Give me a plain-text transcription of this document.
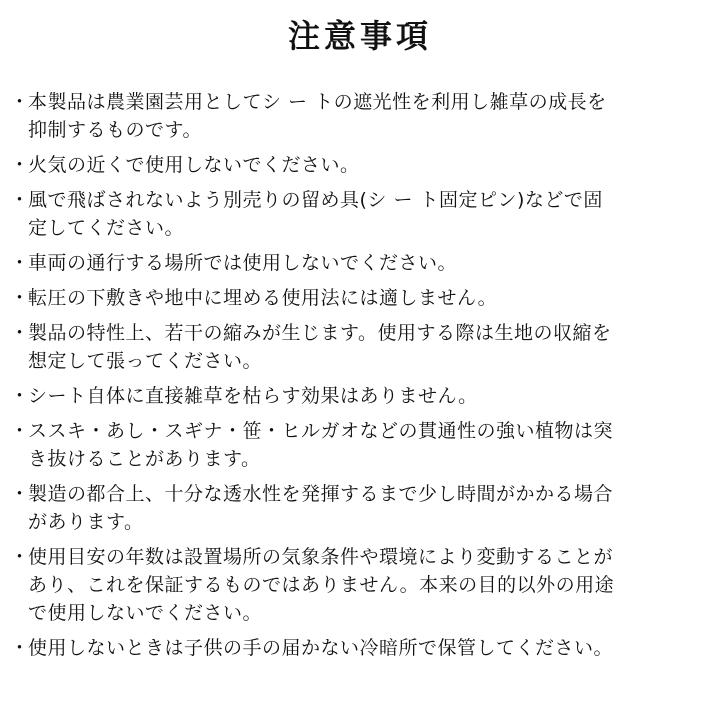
注意事項
・
本製品は農業園芸用としてシ ー トの遮光性を利用し雑草の成長を
抑制するものです。
・
火気の近くで使用しないでください。
・
風で飛ばされないよう別売りの留め具(シ ー ト固定ピン)などで固
定してください。
・
車両の通行する場所では使用しないでください。
・
転圧の下敷きや地中に埋める使用法には適しません。
・
製品の特性上、若干の縮みが生じます。使用する際は生地の収縮を
想定して張ってください。
・
シート自体に直接雑草を枯らす効果はありません。
・
ススキ・あし・スギナ・笹・ヒルガオなどの貫通性の強い植物は突
き抜けることがあります。
・
製造の都合上、十分な透水性を発揮するまで少し時間がかかる場合
があります。
・
使用目安の年数は設置場所の気象条件や環境により変動することが
あり、これを保証するものではありません。本来の目的以外の用途
で使用しないでください。
・
使用しないときは子供の手の届かない冷暗所で保管してください。
